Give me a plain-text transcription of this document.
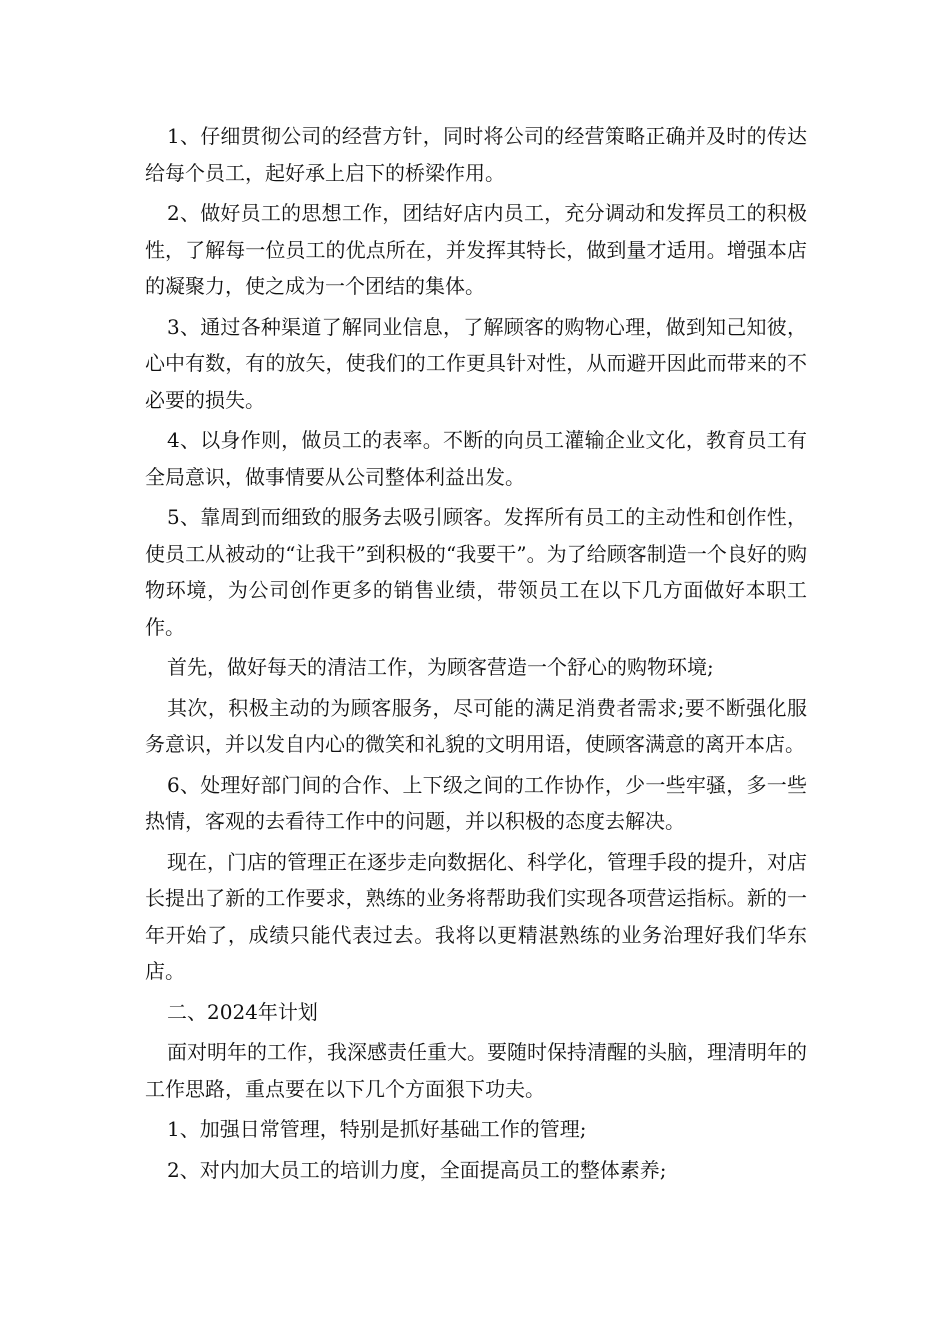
1、仔细贯彻公司的经营方针，同时将公司的经营策略正确并及时的传达给每个员工，起好承上启下的桥梁作用。

2、做好员工的思想工作，团结好店内员工，充分调动和发挥员工的积极性，了解每一位员工的优点所在，并发挥其特长，做到量才适用。增强本店的凝聚力，使之成为一个团结的集体。

3、通过各种渠道了解同业信息，了解顾客的购物心理，做到知己知彼，心中有数，有的放矢，使我们的工作更具针对性，从而避开因此而带来的不必要的损失。

4、以身作则，做员工的表率。不断的向员工灌输企业文化，教育员工有全局意识，做事情要从公司整体利益出发。

5、靠周到而细致的服务去吸引顾客。发挥所有员工的主动性和创作性，使员工从被动的“让我干”到积极的“我要干”。为了给顾客制造一个良好的购物环境，为公司创作更多的销售业绩，带领员工在以下几方面做好本职工作。

首先，做好每天的清洁工作，为顾客营造一个舒心的购物环境;

其次，积极主动的为顾客服务，尽可能的满足消费者需求;要不断强化服务意识，并以发自内心的微笑和礼貌的文明用语，使顾客满意的离开本店。

6、处理好部门间的合作、上下级之间的工作协作，少一些牢骚，多一些热情，客观的去看待工作中的问题，并以积极的态度去解决。

现在，门店的管理正在逐步走向数据化、科学化，管理手段的提升，对店长提出了新的工作要求，熟练的业务将帮助我们实现各项营运指标。新的一年开始了，成绩只能代表过去。我将以更精湛熟练的业务治理好我们华东店。

二、2024年计划

面对明年的工作，我深感责任重大。要随时保持清醒的头脑，理清明年的工作思路，重点要在以下几个方面狠下功夫。

1、加强日常管理，特别是抓好基础工作的管理;

2、对内加大员工的培训力度，全面提高员工的整体素养;
